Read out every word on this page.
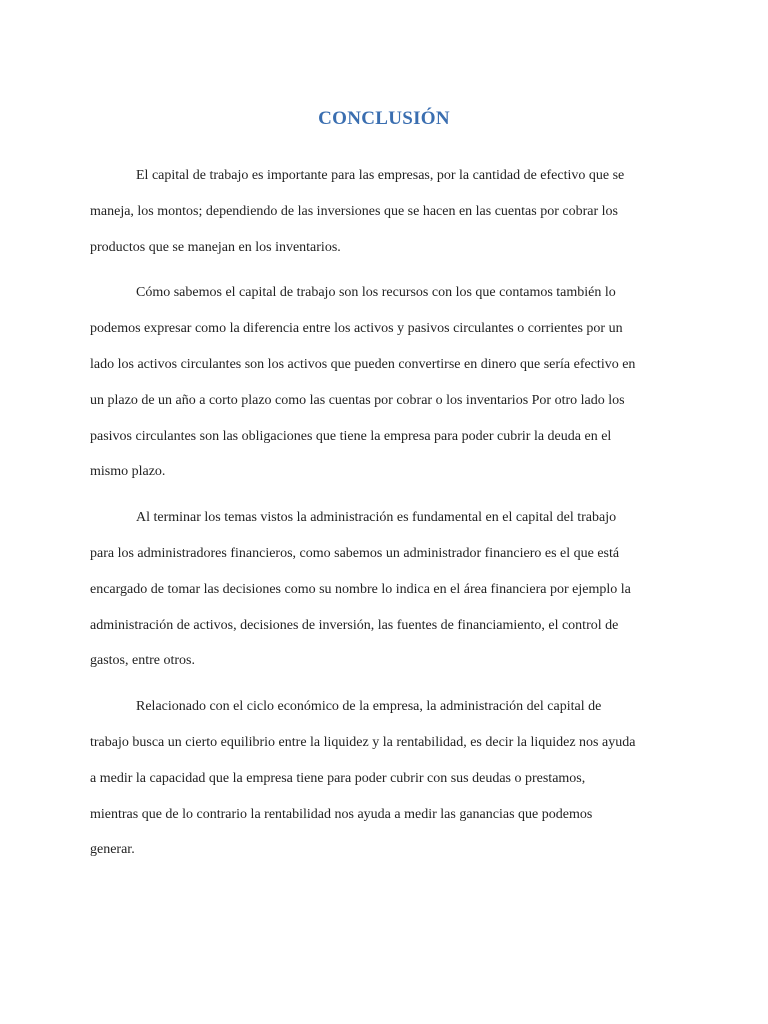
CONCLUSIÓN

El capital de trabajo es importante para las empresas, por la cantidad de efectivo que se
maneja, los montos; dependiendo de las inversiones que se hacen en las cuentas por cobrar los
productos que se manejan en los inventarios.

Cómo sabemos el capital de trabajo son los recursos con los que contamos también lo
podemos expresar como la diferencia entre los activos y pasivos circulantes o corrientes por un
lado los activos circulantes son los activos que pueden convertirse en dinero que sería efectivo en
un plazo de un año a corto plazo como las cuentas por cobrar o los inventarios Por otro lado los
pasivos circulantes son las obligaciones que tiene la empresa para poder cubrir la deuda en el
mismo plazo.

Al terminar los temas vistos la administración es fundamental en el capital del trabajo
para los administradores financieros, como sabemos un administrador financiero es el que está
encargado de tomar las decisiones como su nombre lo indica en el área financiera por ejemplo la
administración de activos, decisiones de inversión, las fuentes de financiamiento, el control de
gastos, entre otros.

Relacionado con el ciclo económico de la empresa, la administración del capital de
trabajo busca un cierto equilibrio entre la liquidez y la rentabilidad, es decir la liquidez nos ayuda
a medir la capacidad que la empresa tiene para poder cubrir con sus deudas o prestamos,
mientras que de lo contrario la rentabilidad nos ayuda a medir las ganancias que podemos
generar.
